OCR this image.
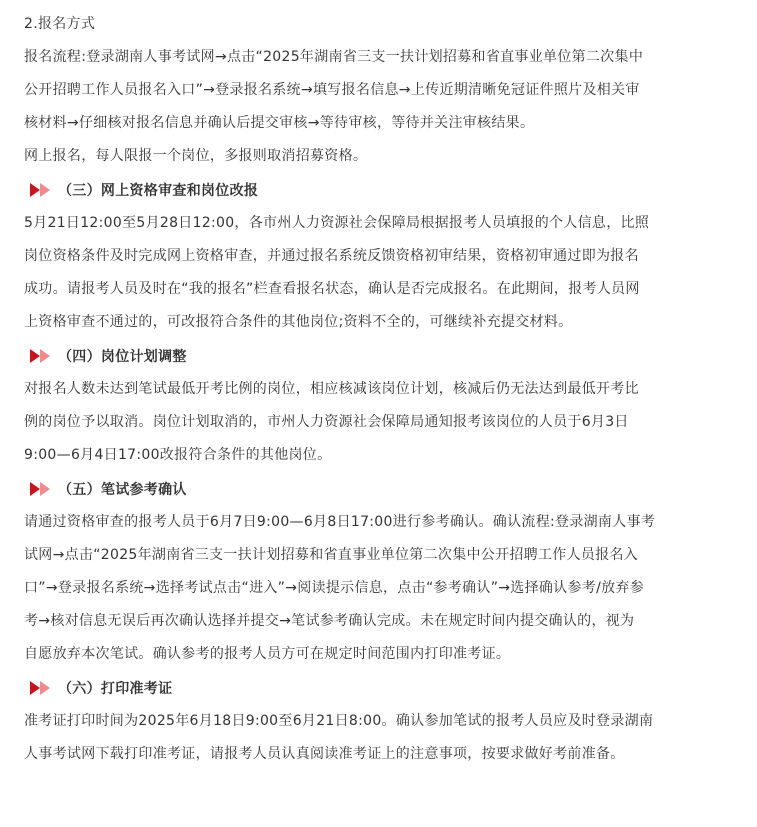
2.报名方式

报名流程:登录湖南人事考试网→点击“2025年湖南省三支一扶计划招募和省直事业单位第二次集中
公开招聘工作人员报名入口”→登录报名系统→填写报名信息→上传近期清晰免冠证件照片及相关审
核材料→仔细核对报名信息并确认后提交审核→等待审核，等待并关注审核结果。

网上报名，每人限报一个岗位，多报则取消招募资格。

（三）网上资格审查和岗位改报

5月21日12:00至5月28日12:00，各市州人力资源社会保障局根据报考人员填报的个人信息，比照
岗位资格条件及时完成网上资格审查，并通过报名系统反馈资格初审结果，资格初审通过即为报名
成功。请报考人员及时在“我的报名”栏查看报名状态，确认是否完成报名。在此期间，报考人员网
上资格审查不通过的，可改报符合条件的其他岗位;资料不全的，可继续补充提交材料。

（四）岗位计划调整

对报名人数未达到笔试最低开考比例的岗位，相应核减该岗位计划，核减后仍无法达到最低开考比
例的岗位予以取消。岗位计划取消的，市州人力资源社会保障局通知报考该岗位的人员于6月3日
9:00—6月4日17:00改报符合条件的其他岗位。

（五）笔试参考确认

请通过资格审查的报考人员于6月7日9:00—6月8日17:00进行参考确认。确认流程:登录湖南人事考
试网→点击“2025年湖南省三支一扶计划招募和省直事业单位第二次集中公开招聘工作人员报名入
口”→登录报名系统→选择考试点击“进入”→阅读提示信息，点击“参考确认”→选择确认参考/放弃参
考→核对信息无误后再次确认选择并提交→笔试参考确认完成。未在规定时间内提交确认的，视为
自愿放弃本次笔试。确认参考的报考人员方可在规定时间范围内打印准考证。

（六）打印准考证

准考证打印时间为2025年6月18日9:00至6月21日8:00。确认参加笔试的报考人员应及时登录湖南
人事考试网下载打印准考证，请报考人员认真阅读准考证上的注意事项，按要求做好考前准备。
